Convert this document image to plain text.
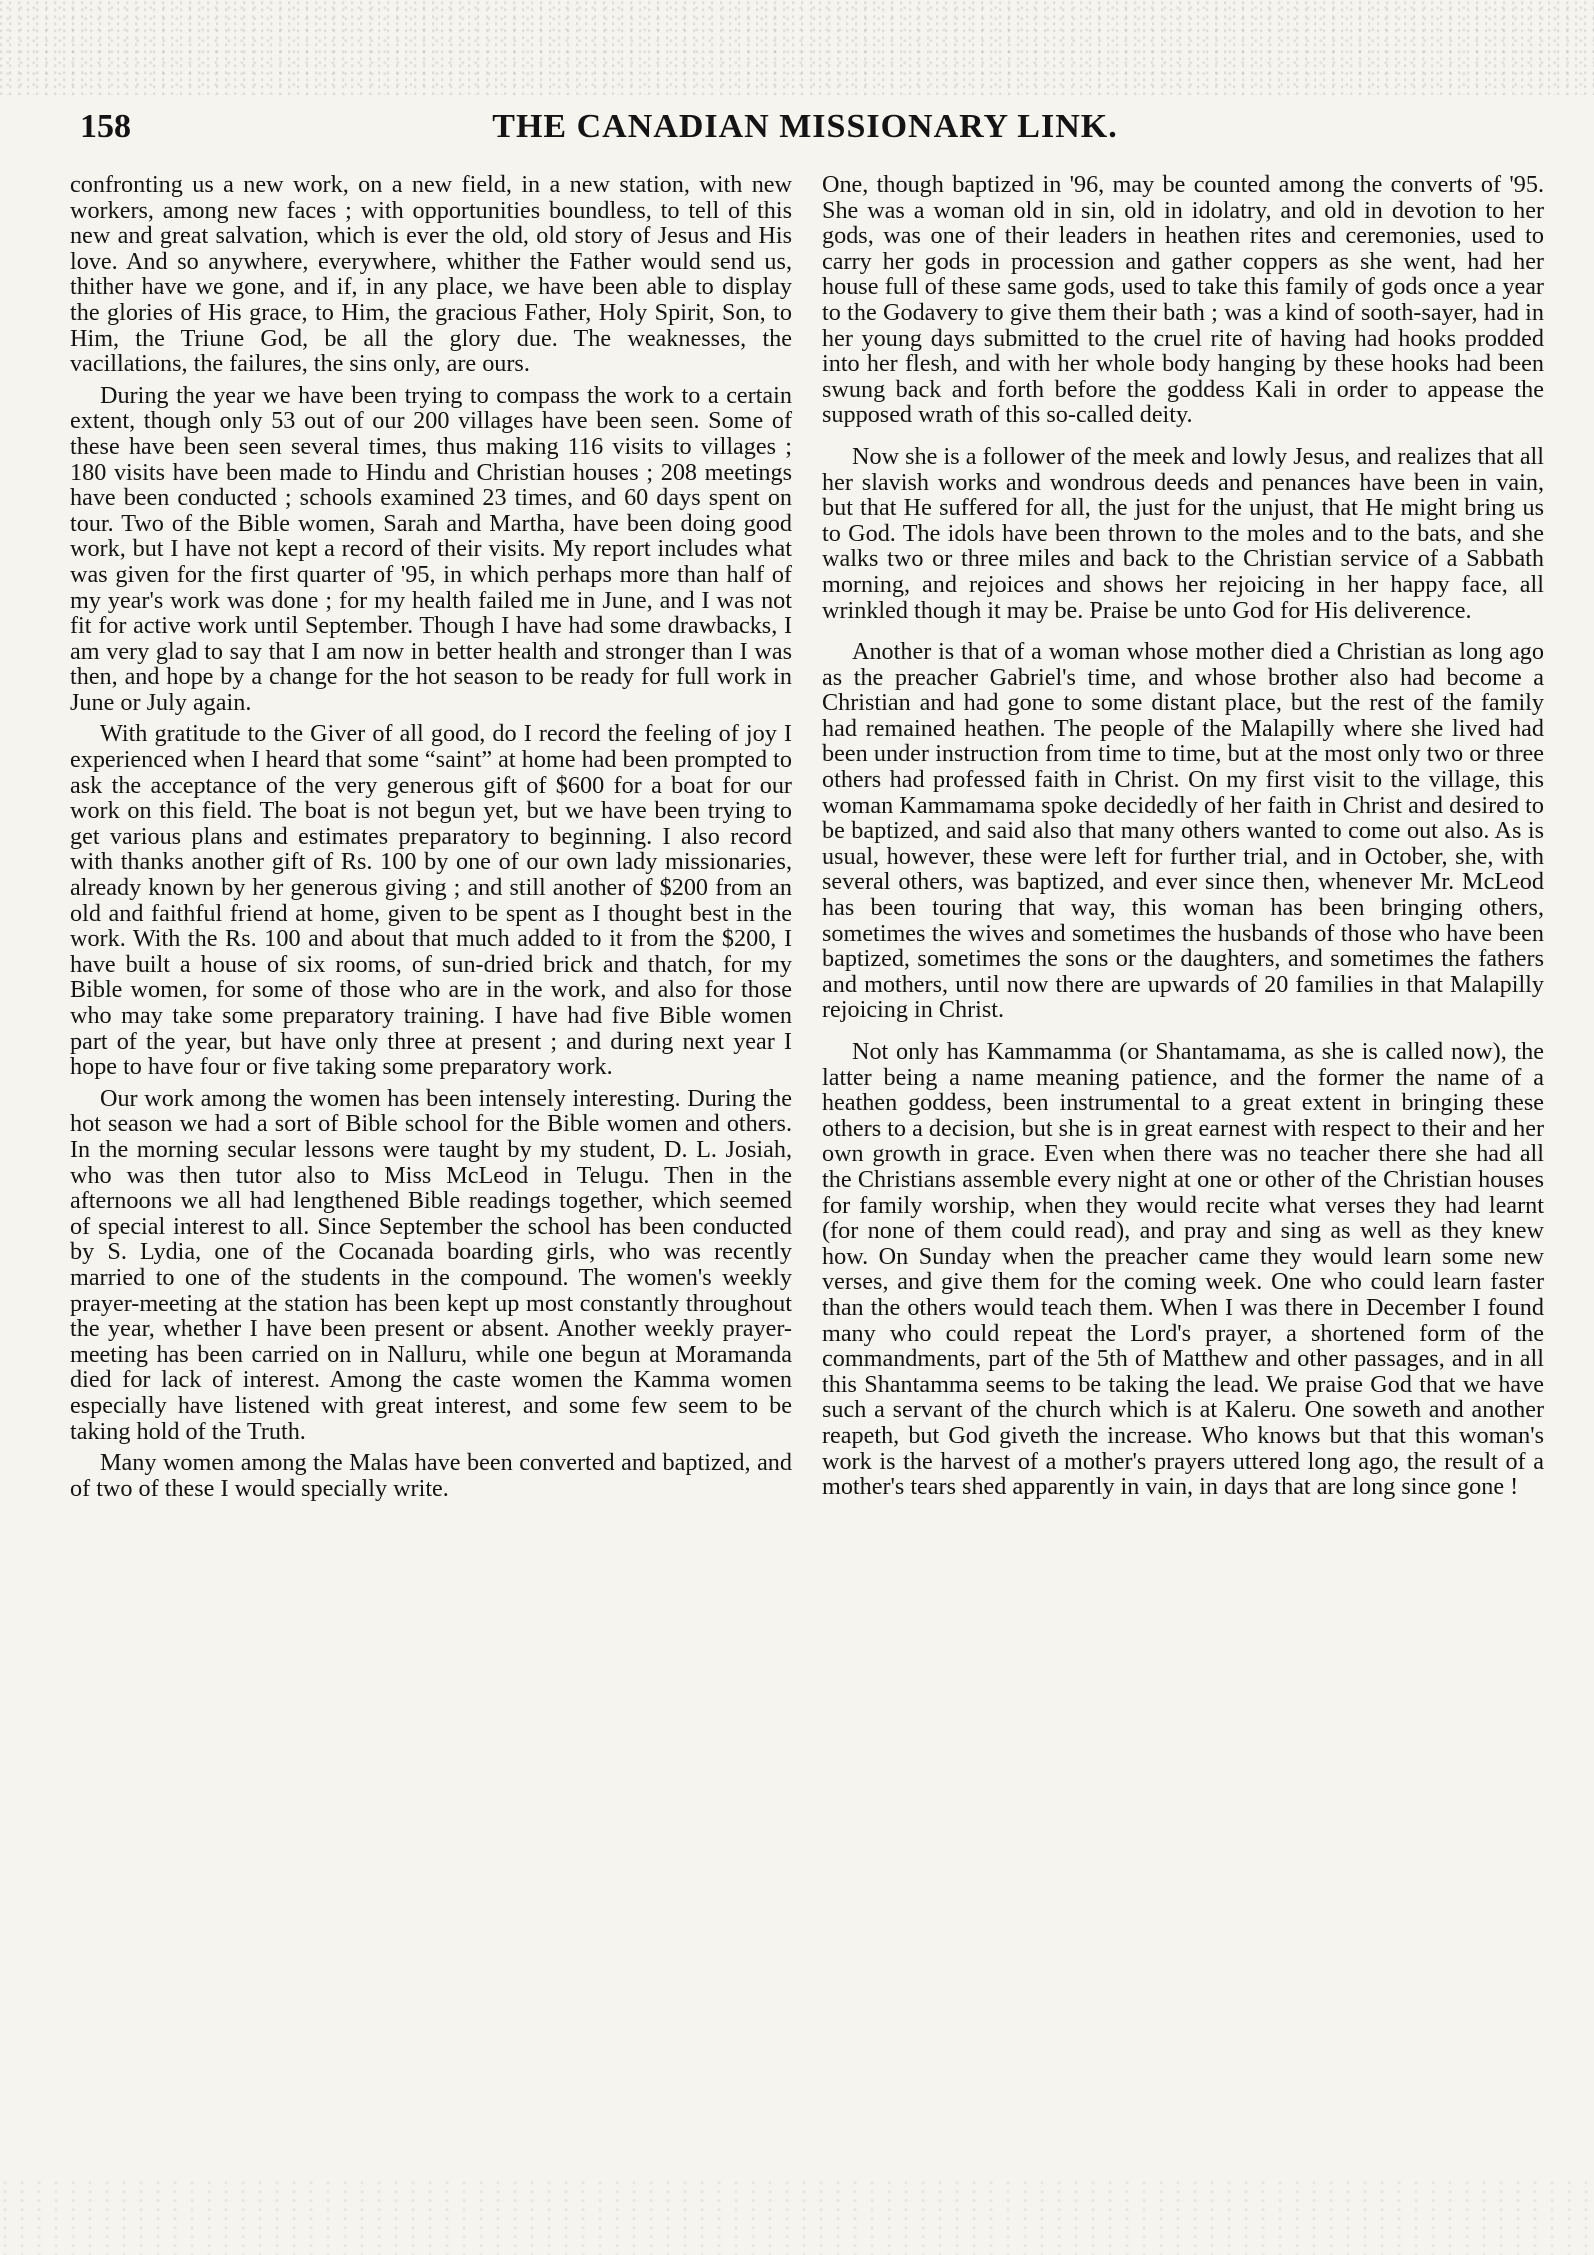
158	THE CANADIAN MISSIONARY LINK.

confronting us a new work, on a new field, in a new station, with new workers, among new faces ; with opportunities boundless, to tell of this new and great salvation, which is ever the old, old story of Jesus and His love. And so anywhere, everywhere, whither the Father would send us, thither have we gone, and if, in any place, we have been able to display the glories of His grace, to Him, the gracious Father, Holy Spirit, Son, to Him, the Triune God, be all the glory due. The weaknesses, the vacillations, the failures, the sins only, are ours.

During the year we have been trying to compass the work to a certain extent, though only 53 out of our 200 villages have been seen. Some of these have been seen several times, thus making 116 visits to villages ; 180 visits have been made to Hindu and Christian houses ; 208 meetings have been conducted ; schools examined 23 times, and 60 days spent on tour. Two of the Bible women, Sarah and Martha, have been doing good work, but I have not kept a record of their visits. My report includes what was given for the first quarter of '95, in which perhaps more than half of my year's work was done ; for my health failed me in June, and I was not fit for active work until September. Though I have had some drawbacks, I am very glad to say that I am now in better health and stronger than I was then, and hope by a change for the hot season to be ready for full work in June or July again.

With gratitude to the Giver of all good, do I record the feeling of joy I experienced when I heard that some “saint” at home had been prompted to ask the acceptance of the very generous gift of $600 for a boat for our work on this field. The boat is not begun yet, but we have been trying to get various plans and estimates preparatory to beginning. I also record with thanks another gift of Rs. 100 by one of our own lady missionaries, already known by her generous giving ; and still another of $200 from an old and faithful friend at home, given to be spent as I thought best in the work. With the Rs. 100 and about that much added to it from the $200, I have built a house of six rooms, of sun-dried brick and thatch, for my Bible women, for some of those who are in the work, and also for those who may take some preparatory training. I have had five Bible women part of the year, but have only three at present ; and during next year I hope to have four or five taking some preparatory work.

Our work among the women has been intensely interesting. During the hot season we had a sort of Bible school for the Bible women and others. In the morning secular lessons were taught by my student, D. L. Josiah, who was then tutor also to Miss McLeod in Telugu. Then in the afternoons we all had lengthened Bible readings together, which seemed of special interest to all. Since September the school has been conducted by S. Lydia, one of the Cocanada boarding girls, who was recently married to one of the students in the compound. The women's weekly prayer-meeting at the station has been kept up most constantly throughout the year, whether I have been present or absent. Another weekly prayer-meeting has been carried on in Nalluru, while one begun at Moramanda died for lack of interest. Among the caste women the Kamma women especially have listened with great interest, and some few seem to be taking hold of the Truth.

Many women among the Malas have been converted and baptized, and of two of these I would specially write.

One, though baptized in '96, may be counted among the converts of '95. She was a woman old in sin, old in idolatry, and old in devotion to her gods, was one of their leaders in heathen rites and ceremonies, used to carry her gods in procession and gather coppers as she went, had her house full of these same gods, used to take this family of gods once a year to the Godavery to give them their bath ; was a kind of sooth-sayer, had in her young days submitted to the cruel rite of having had hooks prodded into her flesh, and with her whole body hanging by these hooks had been swung back and forth before the goddess Kali in order to appease the supposed wrath of this so-called deity.

Now she is a follower of the meek and lowly Jesus, and realizes that all her slavish works and wondrous deeds and penances have been in vain, but that He suffered for all, the just for the unjust, that He might bring us to God. The idols have been thrown to the moles and to the bats, and she walks two or three miles and back to the Christian service of a Sabbath morning, and rejoices and shows her rejoicing in her happy face, all wrinkled though it may be. Praise be unto God for His deliverence.

Another is that of a woman whose mother died a Christian as long ago as the preacher Gabriel's time, and whose brother also had become a Christian and had gone to some distant place, but the rest of the family had remained heathen. The people of the Malapilly where she lived had been under instruction from time to time, but at the most only two or three others had professed faith in Christ. On my first visit to the village, this woman Kammamama spoke decidedly of her faith in Christ and desired to be baptized, and said also that many others wanted to come out also. As is usual, however, these were left for further trial, and in October, she, with several others, was baptized, and ever since then, whenever Mr. McLeod has been touring that way, this woman has been bringing others, sometimes the wives and sometimes the husbands of those who have been baptized, sometimes the sons or the daughters, and sometimes the fathers and mothers, until now there are upwards of 20 families in that Malapilly rejoicing in Christ.

Not only has Kammamma (or Shantamama, as she is called now), the latter being a name meaning patience, and the former the name of a heathen goddess, been instrumental to a great extent in bringing these others to a decision, but she is in great earnest with respect to their and her own growth in grace. Even when there was no teacher there she had all the Christians assemble every night at one or other of the Christian houses for family worship, when they would recite what verses they had learnt (for none of them could read), and pray and sing as well as they knew how. On Sunday when the preacher came they would learn some new verses, and give them for the coming week. One who could learn faster than the others would teach them. When I was there in December I found many who could repeat the Lord's prayer, a shortened form of the commandments, part of the 5th of Matthew and other passages, and in all this Shantamma seems to be taking the lead. We praise God that we have such a servant of the church which is at Kaleru. One soweth and another reapeth, but God giveth the increase. Who knows but that this woman's work is the harvest of a mother's prayers uttered long ago, the result of a mother's tears shed apparently in vain, in days that are long since gone !
